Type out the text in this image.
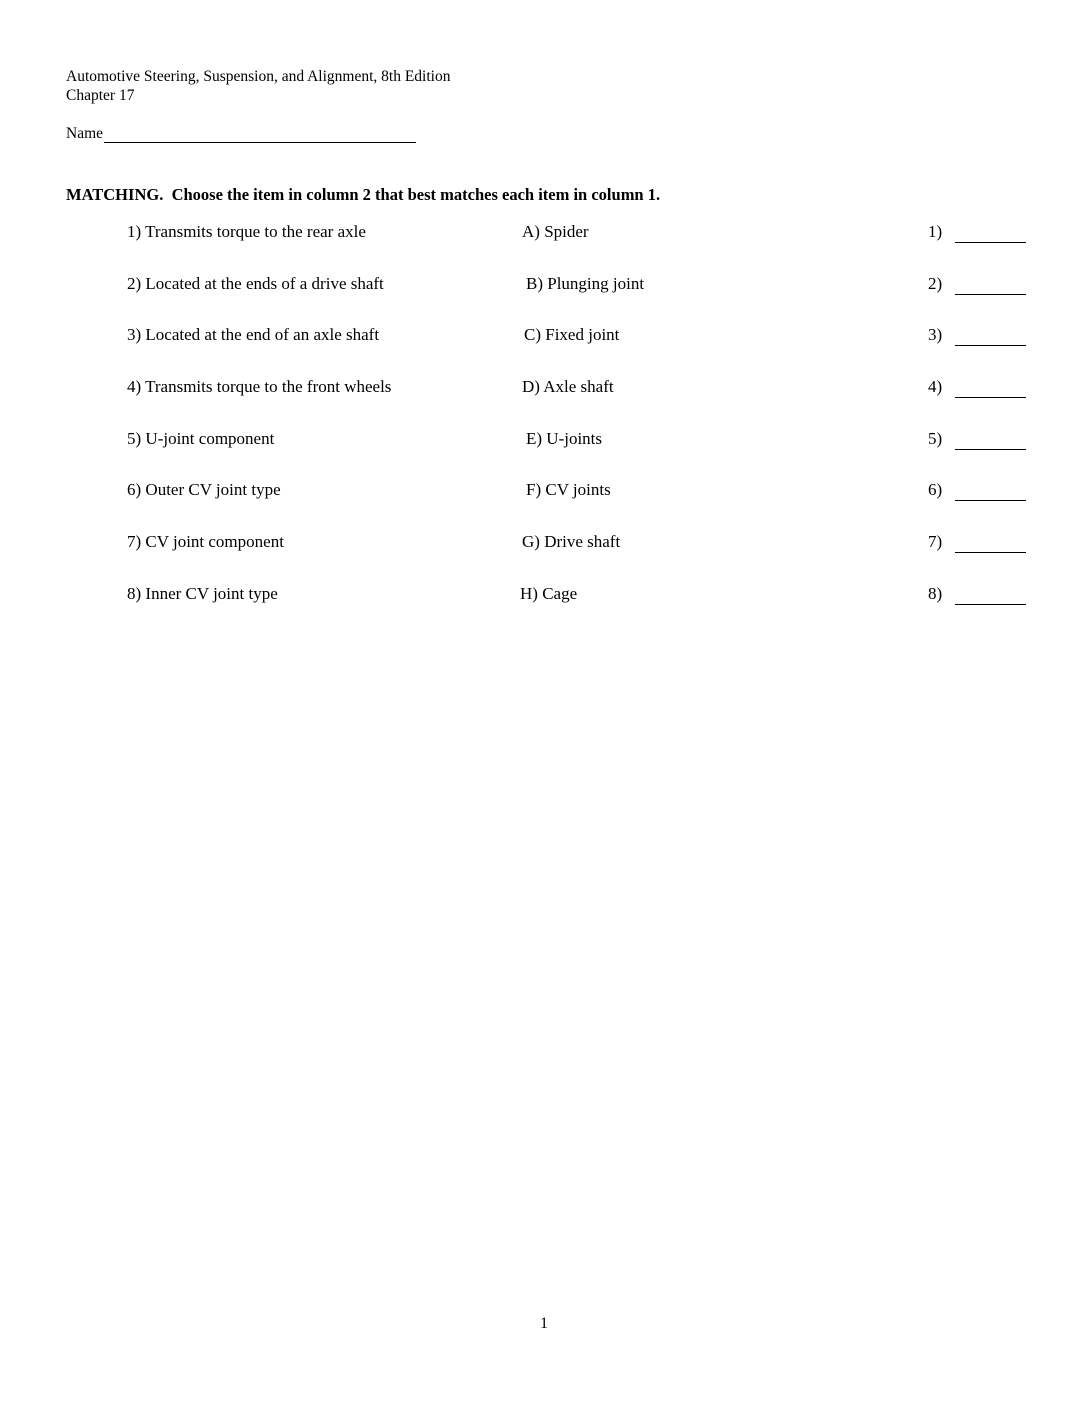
Automotive Steering, Suspension, and Alignment, 8th Edition
Chapter 17
Name
MATCHING.  Choose the item in column 2 that best matches each item in column 1.
1) Transmits torque to the rear axle	A) Spider	1)
2) Located at the ends of a drive shaft	B) Plunging joint	2)
3) Located at the end of an axle shaft	C) Fixed joint	3)
4) Transmits torque to the front wheels	D) Axle shaft	4)
5) U-joint component	E) U-joints	5)
6) Outer CV joint type	F) CV joints	6)
7) CV joint component	G) Drive shaft	7)
8) Inner CV joint type	H) Cage	8)
1
